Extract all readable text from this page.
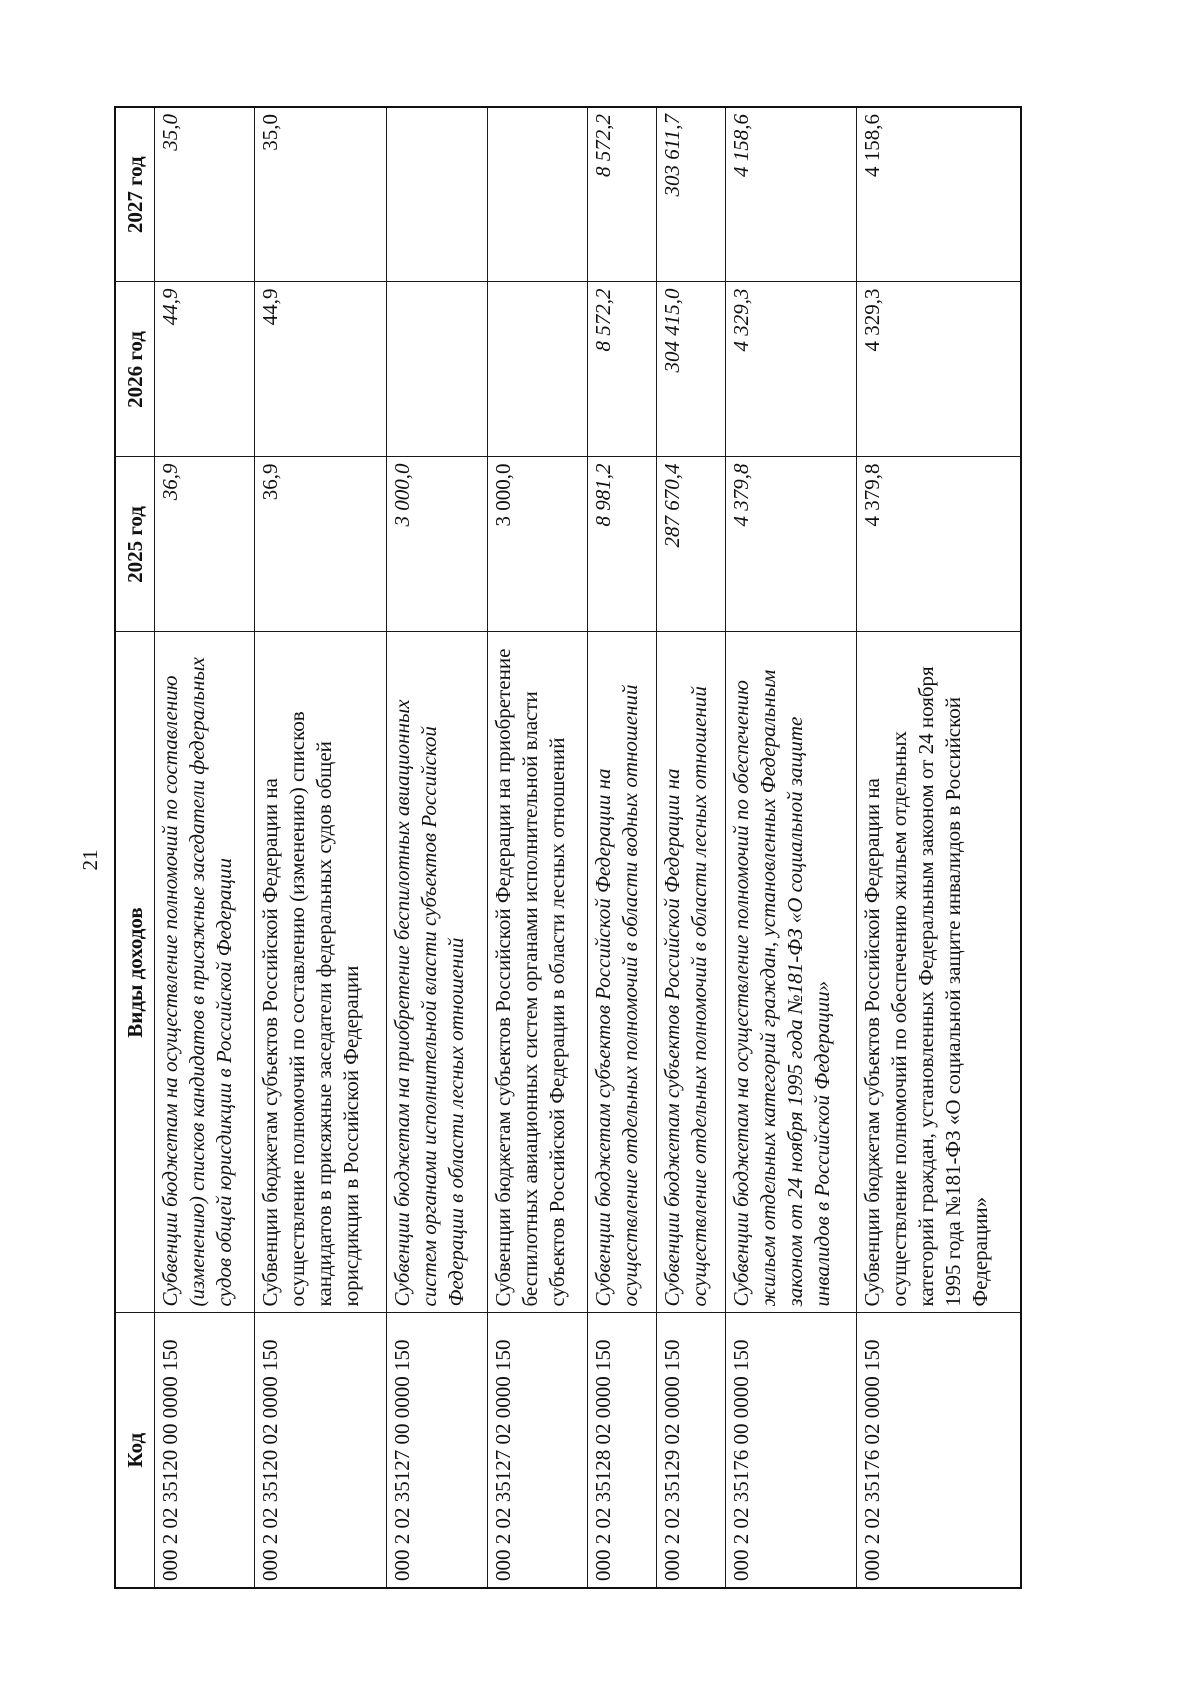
21
Код	Виды доходов	2025 год	2026 год	2027 год
000 2 02 35120 00 0000 150	Субвенции бюджетам на осуществление полномочий по составлению (изменению) списков кандидатов в присяжные заседатели федеральных судов общей юрисдикции в Российской Федерации	36,9	44,9	35,0
000 2 02 35120 02 0000 150	Субвенции бюджетам субъектов Российской Федерации на осуществление полномочий по составлению (изменению) списков кандидатов в присяжные заседатели федеральных судов общей юрисдикции в Российской Федерации	36,9	44,9	35,0
000 2 02 35127 00 0000 150	Субвенции бюджетам на приобретение беспилотных авиационных систем органами исполнительной власти субъектов Российской Федерации в области лесных отношений	3 000,0		
000 2 02 35127 02 0000 150	Субвенции бюджетам субъектов Российской Федерации на приобретение беспилотных авиационных систем органами исполнительной власти субъектов Российской Федерации в области лесных отношений	3 000,0		
000 2 02 35128 02 0000 150	Субвенции бюджетам субъектов Российской Федерации на осуществление отдельных полномочий в области водных отношений	8 981,2	8 572,2	8 572,2
000 2 02 35129 02 0000 150	Субвенции бюджетам субъектов Российской Федерации на осуществление отдельных полномочий в области лесных отношений	287 670,4	304 415,0	303 611,7
000 2 02 35176 00 0000 150	Субвенции бюджетам на осуществление полномочий по обеспечению жильем отдельных категорий граждан, установленных Федеральным законом от 24 ноября 1995 года №181-ФЗ «О социальной защите инвалидов в Российской Федерации»	4 379,8	4 329,3	4 158,6
000 2 02 35176 02 0000 150	Субвенции бюджетам субъектов Российской Федерации на осуществление полномочий по обеспечению жильем отдельных категорий граждан, установленных Федеральным законом от 24 ноября 1995 года №181-ФЗ «О социальной защите инвалидов в Российской Федерации»	4 379,8	4 329,3	4 158,6
